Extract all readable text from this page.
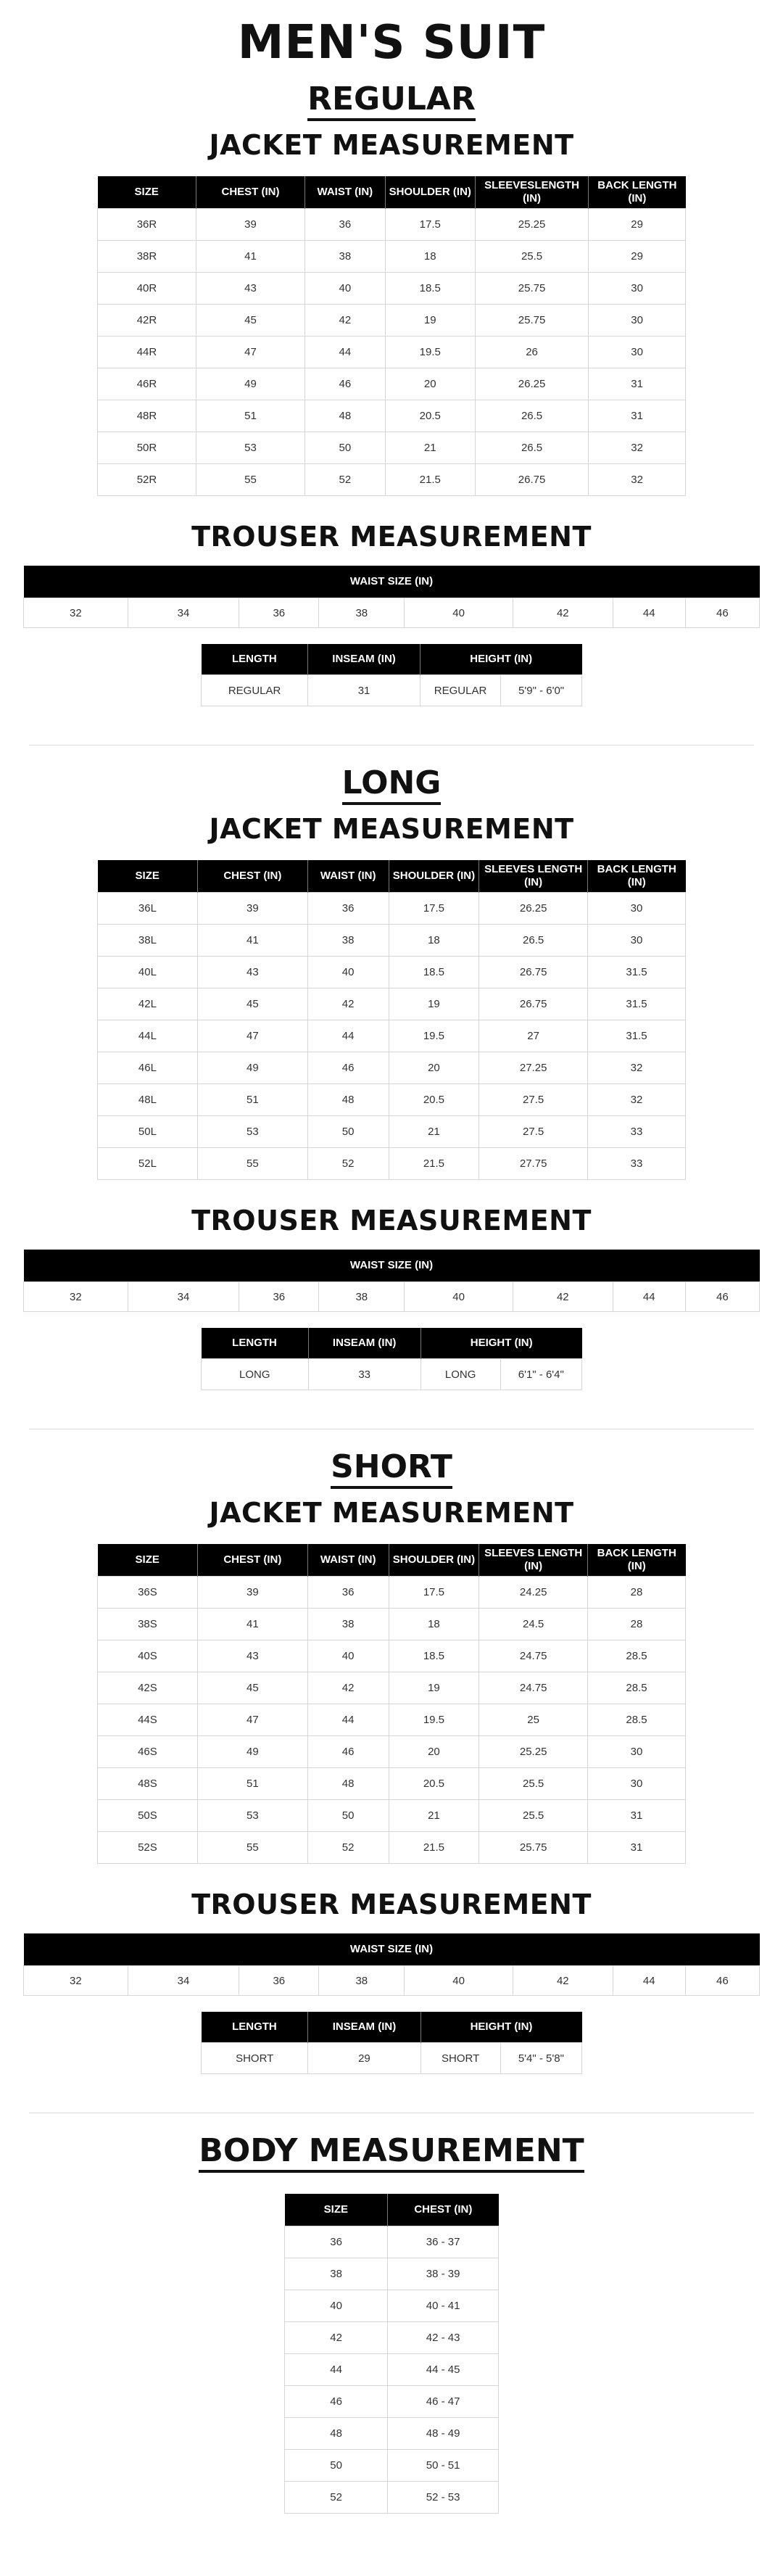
MEN'S SUIT
REGULAR
JACKET MEASUREMENT
SIZE	CHEST (IN)	WAIST (IN)	SHOULDER (IN)	SLEEVESLENGTH (IN)	BACK LENGTH (IN)
36R	39	36	17.5	25.25	29
38R	41	38	18	25.5	29
40R	43	40	18.5	25.75	30
42R	45	42	19	25.75	30
44R	47	44	19.5	26	30
46R	49	46	20	26.25	31
48R	51	48	20.5	26.5	31
50R	53	50	21	26.5	32
52R	55	52	21.5	26.75	32
TROUSER MEASUREMENT
WAIST SIZE (IN)
32	34	36	38	40	42	44	46
LENGTH	INSEAM (IN)	HEIGHT (IN)	
REGULAR	31	REGULAR	5'9" - 6'0"
LONG
JACKET MEASUREMENT
SIZE	CHEST (IN)	WAIST (IN)	SHOULDER (IN)	SLEEVES LENGTH (IN)	BACK LENGTH (IN)
36L	39	36	17.5	26.25	30
38L	41	38	18	26.5	30
40L	43	40	18.5	26.75	31.5
42L	45	42	19	26.75	31.5
44L	47	44	19.5	27	31.5
46L	49	46	20	27.25	32
48L	51	48	20.5	27.5	32
50L	53	50	21	27.5	33
52L	55	52	21.5	27.75	33
TROUSER MEASUREMENT
WAIST SIZE (IN)
32	34	36	38	40	42	44	46
LENGTH	INSEAM (IN)	HEIGHT (IN)	
LONG	33	LONG	6'1" - 6'4"
SHORT
JACKET MEASUREMENT
SIZE	CHEST (IN)	WAIST (IN)	SHOULDER (IN)	SLEEVES LENGTH (IN)	BACK LENGTH (IN)
36S	39	36	17.5	24.25	28
38S	41	38	18	24.5	28
40S	43	40	18.5	24.75	28.5
42S	45	42	19	24.75	28.5
44S	47	44	19.5	25	28.5
46S	49	46	20	25.25	30
48S	51	48	20.5	25.5	30
50S	53	50	21	25.5	31
52S	55	52	21.5	25.75	31
TROUSER MEASUREMENT
WAIST SIZE (IN)
32	34	36	38	40	42	44	46
LENGTH	INSEAM (IN)	HEIGHT (IN)	
SHORT	29	SHORT	5'4" - 5'8"
BODY MEASUREMENT
SIZE	CHEST (IN)
36	36 - 37
38	38 - 39
40	40 - 41
42	42 - 43
44	44 - 45
46	46 - 47
48	48 - 49
50	50 - 51
52	52 - 53
